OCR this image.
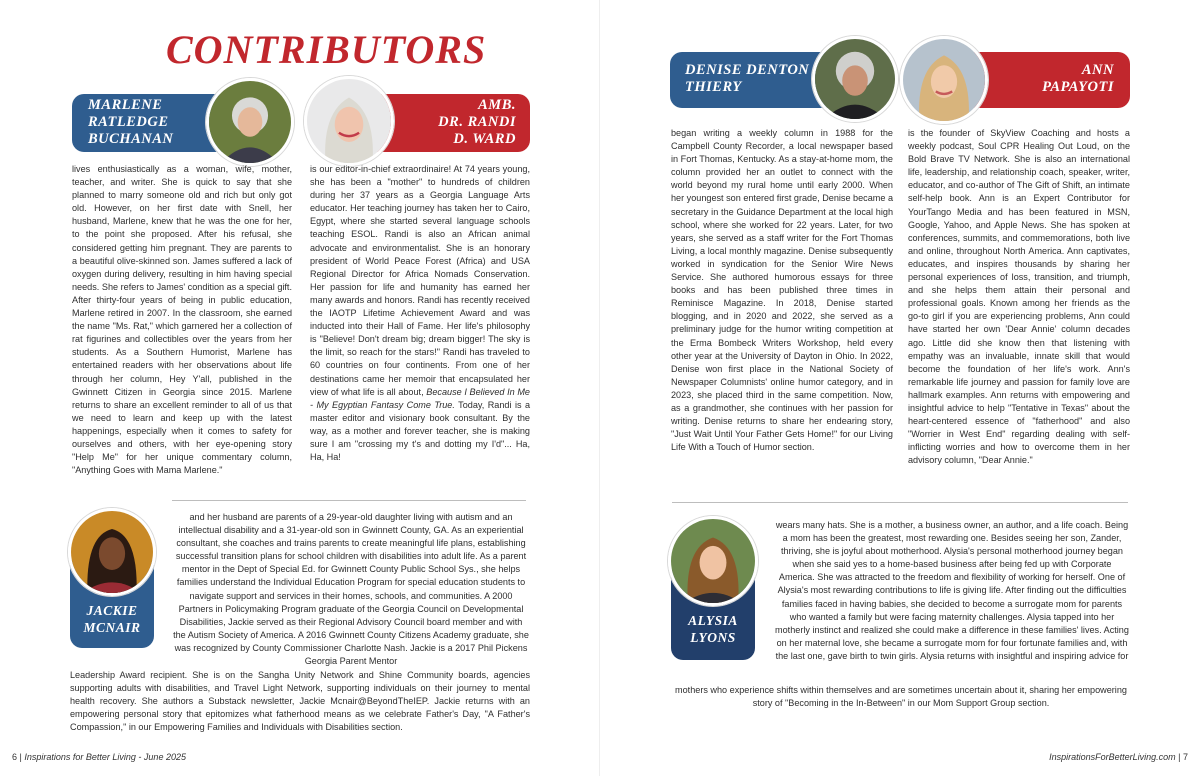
CONTRIBUTORS
MARLENE
RATLEDGE
BUCHANAN
AMB.
DR. RANDI
D. WARD
DENISE DENTON
THIERY
ANN
PAPAYOTI
lives enthusiastically as a woman, wife, mother, teacher, and writer. She is quick to say that she planned to marry someone old and rich but only got old. However, on her first date with Snell, her husband, Marlene, knew that he was the one for her, to the point she proposed. After his refusal, she considered getting him pregnant. They are parents to a beautiful olive-skinned son. James suffered a lack of oxygen during delivery, resulting in him having special needs. She refers to James' condition as a special gift. After thirty-four years of being in public education, Marlene retired in 2007. In the classroom, she earned the name "Ms. Rat," which garnered her a collection of rat figurines and collectibles over the years from her students. As a Southern Humorist, Marlene has entertained readers with her observations about life through her column, Hey Y'all, published in the Gwinnett Citizen in Georgia since 2015. Marlene returns to share an excellent reminder to all of us that we need to learn and keep up with the latest happenings, especially when it comes to safety for ourselves and others, with her eye-opening story "Help Me" for her unique commentary column, "Anything Goes with Mama Marlene."
is our editor-in-chief extraordinaire! At 74 years young, she has been a "mother" to hundreds of children during her 37 years as a Georgia Language Arts educator. Her teaching journey has taken her to Cairo, Egypt, where she started several language schools teaching ESOL. Randi is also an African animal advocate and environmentalist. She is an honorary president of World Peace Forest (Africa) and USA Regional Director for Africa Nomads Conservation. Her passion for life and humanity has earned her many awards and honors. Randi has recently received the IAOTP Lifetime Achievement Award and was inducted into their Hall of Fame. Her life's philosophy is "Believe! Don't dream big; dream bigger! The sky is the limit, so reach for the stars!" Randi has traveled to 60 countries on four continents. From one of her destinations came her memoir that encapsulated her view of what life is all about, Because I Believed In Me - My Egyptian Fantasy Come True. Today, Randi is a master editor and visionary book consultant. By the way, as a mother and forever teacher, she is making sure I am "crossing my t's and dotting my I'd"... Ha, Ha, Ha!
began writing a weekly column in 1988 for the Campbell County Recorder, a local newspaper based in Fort Thomas, Kentucky. As a stay-at-home mom, the column provided her an outlet to connect with the world beyond my rural home until early 2000. When her youngest son entered first grade, Denise became a secretary in the Guidance Department at the local high school, where she worked for 22 years. Later, for two years, she served as a staff writer for the Fort Thomas Living, a local monthly magazine. Denise subsequently worked in syndication for the Senior Wire News Service. She authored humorous essays for three books and has been published three times in Reminisce Magazine. In 2018, Denise started blogging, and in 2020 and 2022, she served as a preliminary judge for the humor writing competition at the Erma Bombeck Writers Workshop, held every other year at the University of Dayton in Ohio. In 2022, Denise won first place in the National Society of Newspaper Columnists' online humor category, and in 2023, she placed third in the same competition. Now, as a grandmother, she continues with her passion for writing. Denise returns to share her endearing story, "Just Wait Until Your Father Gets Home!" for our Living Life With a Touch of Humor section.
is the founder of SkyView Coaching and hosts a weekly podcast, Soul CPR Healing Out Loud, on the Bold Brave TV Network. She is also an international life, leadership, and relationship coach, speaker, writer, educator, and co-author of The Gift of Shift, an intimate self-help book. Ann is an Expert Contributor for YourTango Media and has been featured in MSN, Google, Yahoo, and Apple News. She has spoken at conferences, summits, and commemorations, both live and online, throughout North America. Ann captivates, educates, and inspires thousands by sharing her personal experiences of loss, transition, and triumph, and she helps them attain their personal and professional goals. Known among her friends as the go-to girl if you are experiencing problems, Ann could have started her own 'Dear Annie' column decades ago. Little did she know then that listening with empathy was an invaluable, innate skill that would become the foundation of her life's work. Ann's remarkable life journey and passion for family love are hallmark examples. Ann returns with empowering and insightful advice to help "Tentative in Texas" about the heart-centered essence of "fatherhood" and also "Worrier in West End" regarding dealing with self-inflicting worries and how to overcome them in her advisory column, "Dear Annie."
JACKIE
MCNAIR
and her husband are parents of a 29-year-old daughter living with autism and an intellectual disability and a 31-year-old son in Gwinnett County, GA. As an experiential consultant, she coaches and trains parents to create meaningful life plans, establishing successful transition plans for school children with disabilities into adult life. As a parent mentor in the Dept of Special Ed. for Gwinnett County Public School Sys., she helps families understand the Individual Education Program for special education students to navigate support and services in their homes, schools, and communities. A 2000 Partners in Policymaking Program graduate of the Georgia Council on Developmental Disabilities, Jackie served as their Regional Advisory Council board member and with the Autism Society of America. A 2016 Gwinnett County Citizens Academy graduate, she was recognized by County Commissioner Charlotte Nash. Jackie is a 2017 Phil Pickens Georgia Parent Mentor
Leadership Award recipient. She is on the Sangha Unity Network and Shine Community boards, agencies supporting adults with disabilities, and Travel Light Network, supporting individuals on their journey to mental health recovery. She authors a Substack newsletter, Jackie Mcnair@BeyondTheIEP. Jackie returns with an empowering personal story that epitomizes what fatherhood means as we celebrate Father's Day, "A Father's Compassion," in our Empowering Families and Individuals with Disabilities section.
ALYSIA
LYONS
wears many hats. She is a mother, a business owner, an author, and a life coach. Being a mom has been the greatest, most rewarding one. Besides seeing her son, Zander, thriving, she is joyful about motherhood. Alysia's personal motherhood journey began when she said yes to a home-based business after being fed up with Corporate America. She was attracted to the freedom and flexibility of working for herself. One of Alysia's most rewarding contributions to life is giving life. After finding out the difficulties families faced in having babies, she decided to become a surrogate mom for parents who wanted a family but were facing maternity challenges. Alysia tapped into her motherly instinct and realized she could make a difference in these families' lives. Acting on her maternal love, she became a surrogate mom for four fortunate families and, with the last one, gave birth to twin girls. Alysia returns with insightful and inspiring advice for
mothers who experience shifts within themselves and are sometimes uncertain about it, sharing her empowering story of "Becoming in the In-Between" in our Mom Support Group section.
6 | Inspirations for Better Living - June 2025	InspirationsForBetterLiving.com | 7
